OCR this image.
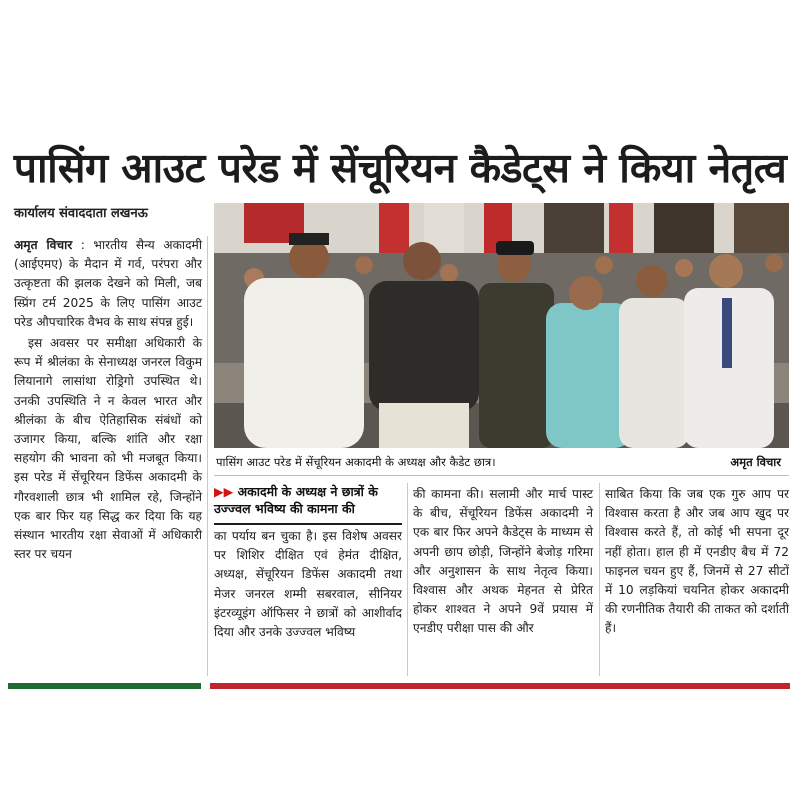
पासिंग आउट परेड में सेंचूरियन कैडेट्स ने किया नेतृत्व
कार्यालय संवाददाता लखनऊ

अमृत विचार : भारतीय सैन्य अकादमी (आईएमए) के मैदान में गर्व, परंपरा और उत्कृष्टता की झलक देखने को मिली, जब स्प्रिंग टर्म 2025 के लिए पासिंग आउट परेड औपचारिक वैभव के साथ संपन्न हुई।

इस अवसर पर समीक्षा अधिकारी के रूप में श्रीलंका के सेनाध्यक्ष जनरल विकुम लियानागे लासांथा रोड्रिगो उपस्थित थे। उनकी उपस्थिति ने न केवल भारत और श्रीलंका के बीच ऐतिहासिक संबंधों को उजागर किया, बल्कि शांति और रक्षा सहयोग की भावना को भी मजबूत किया। इस परेड में सेंचूरियन डिफेंस अकादमी के गौरवशाली छात्र भी शामिल रहे, जिन्होंने एक बार फिर यह सिद्ध कर दिया कि यह संस्थान भारतीय रक्षा सेवाओं में अधिकारी स्तर पर चयन

पासिंग आउट परेड में सेंचूरियन अकादमी के अध्यक्ष और कैडेट छात्र।	अमृत विचार
▶▶ अकादमी के अध्यक्ष ने छात्रों के उज्ज्वल भविष्य की कामना की

का पर्याय बन चुका है। इस विशेष अवसर पर शिशिर दीक्षित एवं हेमंत दीक्षित, अध्यक्ष, सेंचूरियन डिफेंस अकादमी तथा मेजर जनरल शम्मी सबरवाल, सीनियर इंटरव्यूइंग ऑफिसर ने छात्रों को आशीर्वाद दिया और उनके उज्ज्वल भविष्य

की कामना की। सलामी और मार्च पास्ट के बीच, सेंचूरियन डिफेंस अकादमी ने एक बार फिर अपने कैडेट्स के माध्यम से अपनी छाप छोड़ी, जिन्होंने बेजोड़ गरिमा और अनुशासन के साथ नेतृत्व किया। विश्वास और अथक मेहनत से प्रेरित होकर शाश्वत ने अपने 9वें प्रयास में एनडीए परीक्षा पास की और

साबित किया कि जब एक गुरु आप पर विश्वास करता है और जब आप खुद पर विश्वास करते हैं, तो कोई भी सपना दूर नहीं होता। हाल ही में एनडीए बैच में 72 फाइनल चयन हुए हैं, जिनमें से 27 सीटों में 10 लड़कियां चयनित होकर अकादमी की रणनीतिक तैयारी की ताकत को दर्शाती हैं।
